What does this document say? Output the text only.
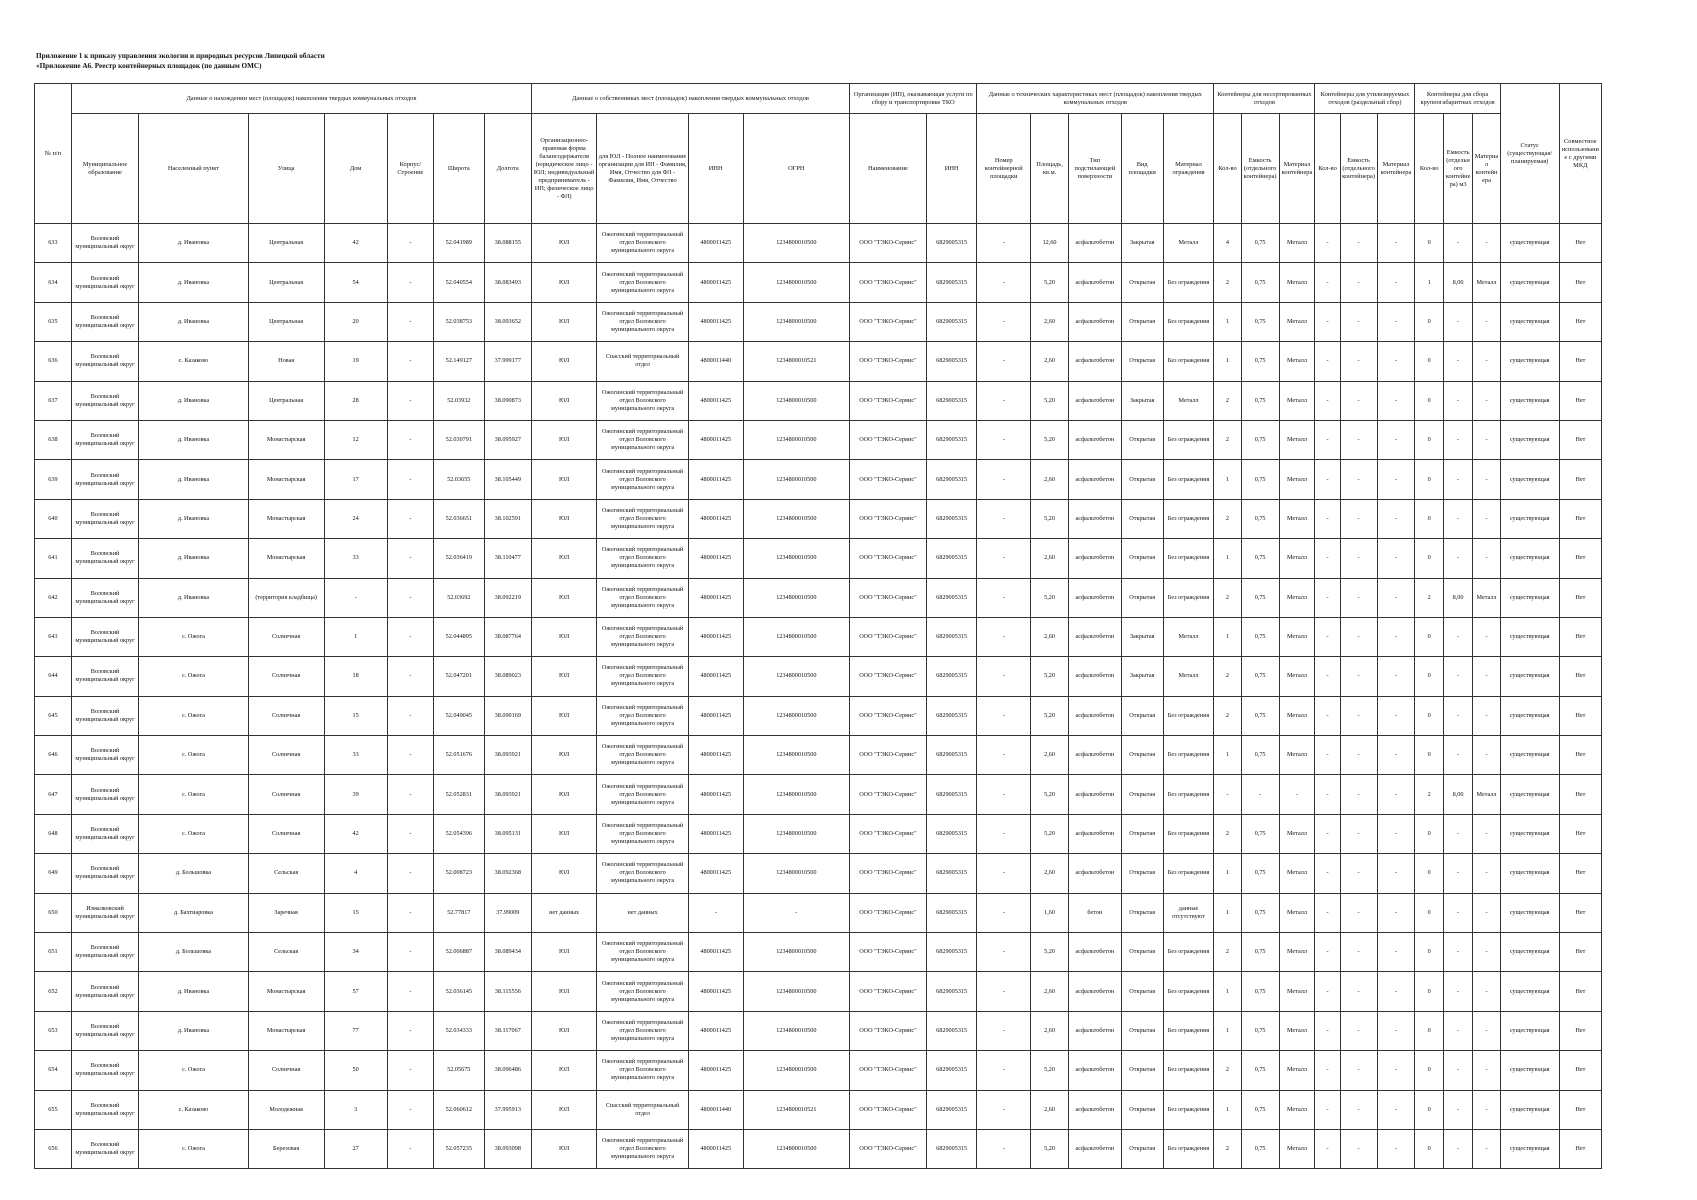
Приложение 1 к приказу управления экологии и природных ресурсов Липецкой области
«Приложение А6. Реестр контейнерных площадок (по данным ОМС)
№ п/п	Данные о нахождении мест (площадок) накопления твердых коммунальных отходов							Данные о собственниках мест (площадок) накопления твердых коммунальных отходов				Организация (ИП), оказывающая услуги по сбору и транспортировке ТКО		Данные о технических характеристиках мест (площадок) накопления твердых коммунальных отходов					Контейнеры для несортированных отходов			Контейнеры для утилизируемых отходов (раздельный сбор)			Контейнеры для сбора крупногабаритных отходов			Статус (существующая/ планируемая)	Совместное использование с другими МКД
	Муниципальное образование	Населенный пункт	Улица	Дом	Корпус/Строение	Широта	Долгота	Организационно-правовая форма балансодержателя (юридическое лицо - ЮЛ; индивидуальный предприниматель - ИП; физическое лицо - ФЛ)	для ЮЛ - Полное наименование организации для ИП - Фамилия, Имя, Отчество для ФЛ - Фамилия, Имя, Отчество	ИНН	ОГРН	Наименование	ИНН	Номер контейнерной площадки	Площадь, кв.м.	Тип подстилающей поверхности	Вид площадки	Материал ограждения	Кол-во	Емкость (отдельного контейнера)	Материал контейнера	Кол-во	Емкость (отдельного контейнера)	Материал контейнера	Кол-во	Емкость (отдельного контейнера) м3	Материал контейнера		
633	Воловский муниципальный округ	д. Ивановка	Центральная	42	-	52.041989	38.088155	ЮЛ	Ожогинский территориальный отдел Воловского муниципального округа	4800011425	1234800010500	ООО "ТЭКО-Сервис"	6829005315	-	12,60	асфальтобетон	Закрытая	Металл	4	0,75	Металл	-	-	-	0	-	-	существующая	Нет
634	Воловский муниципальный округ	д. Ивановка	Центральная	54	-	52.040554	38.083493	ЮЛ	Ожогинский территориальный отдел Воловского муниципального округа	4800011425	1234800010500	ООО "ТЭКО-Сервис"	6829005315	-	5,20	асфальтобетон	Открытая	Без ограждения	2	0,75	Металл	-	-	-	1	8,00	Металл	существующая	Нет
635	Воловский муниципальный округ	д. Ивановка	Центральная	20	-	52.038753	38.093652	ЮЛ	Ожогинский территориальный отдел Воловского муниципального округа	4800011425	1234800010500	ООО "ТЭКО-Сервис"	6829005315	-	2,60	асфальтобетон	Открытая	Без ограждения	1	0,75	Металл	-	-	-	0	-	-	существующая	Нет
636	Воловский муниципальный округ	с. Казаково	Новая	19	-	52.149127	37.999177	ЮЛ	Спасский территориальный отдел	4800011440	1234800010521	ООО "ТЭКО-Сервис"	6829005315	-	2,60	асфальтобетон	Открытая	Без ограждения	1	0,75	Металл	-	-	-	0	-	-	существующая	Нет
637	Воловский муниципальный округ	д. Ивановка	Центральная	28	-	52.03932	38.090873	ЮЛ	Ожогинский территориальный отдел Воловского муниципального округа	4800011425	1234800010500	ООО "ТЭКО-Сервис"	6829005315	-	5,20	асфальтобетон	Закрытая	Металл	2	0,75	Металл	-	-	-	0	-	-	существующая	Нет
638	Воловский муниципальный округ	д. Ивановка	Монастырская	12	-	52.030791	38.095927	ЮЛ	Ожогинский территориальный отдел Воловского муниципального округа	4800011425	1234800010500	ООО "ТЭКО-Сервис"	6829005315	-	5,20	асфальтобетон	Открытая	Без ограждения	2	0,75	Металл	-	-	-	0	-	-	существующая	Нет
639	Воловский муниципальный округ	д. Ивановка	Монастырская	17	-	52.03655	38.105449	ЮЛ	Ожогинский территориальный отдел Воловского муниципального округа	4800011425	1234800010500	ООО "ТЭКО-Сервис"	6829005315	-	2,60	асфальтобетон	Открытая	Без ограждения	1	0,75	Металл	-	-	-	0	-	-	существующая	Нет
640	Воловский муниципальный округ	д. Ивановка	Монастырская	24	-	52.036651	38.102591	ЮЛ	Ожогинский территориальный отдел Воловского муниципального округа	4800011425	1234800010500	ООО "ТЭКО-Сервис"	6829005315	-	5,20	асфальтобетон	Открытая	Без ограждения	2	0,75	Металл	-	-	-	0	-	-	существующая	Нет
641	Воловский муниципальный округ	д. Ивановка	Монастырская	33	-	52.036419	38.110477	ЮЛ	Ожогинский территориальный отдел Воловского муниципального округа	4800011425	1234800010500	ООО "ТЭКО-Сервис"	6829005315	-	2,60	асфальтобетон	Открытая	Без ограждения	1	0,75	Металл	-	-	-	0	-	-	существующая	Нет
642	Воловский муниципальный округ	д. Ивановка	(территория кладбища)	-	-	52.03692	38.092219	ЮЛ	Ожогинский территориальный отдел Воловского муниципального округа	4800011425	1234800010500	ООО "ТЭКО-Сервис"	6829005315	-	5,20	асфальтобетон	Открытая	Без ограждения	2	0,75	Металл	-	-	-	2	8,00	Металл	существующая	Нет
643	Воловский муниципальный округ	с. Ожога	Солнечная	1	-	52.044895	38.087764	ЮЛ	Ожогинский территориальный отдел Воловского муниципального округа	4800011425	1234800010500	ООО "ТЭКО-Сервис"	6829005315	-	2,60	асфальтобетон	Закрытая	Металл	1	0,75	Металл	-	-	-	0	-	-	существующая	Нет
644	Воловский муниципальный округ	с. Ожога	Солнечная	18	-	52.047201	38.089023	ЮЛ	Ожогинский территориальный отдел Воловского муниципального округа	4800011425	1234800010500	ООО "ТЭКО-Сервис"	6829005315	-	5,20	асфальтобетон	Закрытая	Металл	2	0,75	Металл	-	-	-	0	-	-	существующая	Нет
645	Воловский муниципальный округ	с. Ожога	Солнечная	15	-	52.049045	38.090169	ЮЛ	Ожогинский территориальный отдел Воловского муниципального округа	4800011425	1234800010500	ООО "ТЭКО-Сервис"	6829005315	-	5,20	асфальтобетон	Открытая	Без ограждения	2	0,75	Металл	-	-	-	0	-	-	существующая	Нет
646	Воловский муниципальный округ	с. Ожога	Солнечная	33	-	52.051676	38.093921	ЮЛ	Ожогинский территориальный отдел Воловского муниципального округа	4800011425	1234800010500	ООО "ТЭКО-Сервис"	6829005315	-	2,60	асфальтобетон	Открытая	Без ограждения	1	0,75	Металл	-	-	-	0	-	-	существующая	Нет
647	Воловский муниципальный округ	с. Ожога	Солнечная	39	-	52.052831	38.093921	ЮЛ	Ожогинский территориальный отдел Воловского муниципального округа	4800011425	1234800010500	ООО "ТЭКО-Сервис"	6829005315	-	5,20	асфальтобетон	Открытая	Без ограждения	-	-	-	-	-	-	2	8,00	Металл	существующая	Нет
648	Воловский муниципальный округ	с. Ожога	Солнечная	42	-	52.054396	38.095131	ЮЛ	Ожогинский территориальный отдел Воловского муниципального округа	4800011425	1234800010500	ООО "ТЭКО-Сервис"	6829005315	-	5,20	асфальтобетон	Открытая	Без ограждения	2	0,75	Металл	-	-	-	0	-	-	существующая	Нет
649	Воловский муниципальный округ	д. Большовка	Сельская	4	-	52.008723	38.092368	ЮЛ	Ожогинский территориальный отдел Воловского муниципального округа	4800011425	1234800010500	ООО "ТЭКО-Сервис"	6829005315	-	2,60	асфальтобетон	Открытая	Без ограждения	1	0,75	Металл	-	-	-	0	-	-	существующая	Нет
650	Измалковский муниципальный округ	д. Бахтиаровка	Заречная	15	-	52.77817	37.99009	нет данных	нет данных	-	-	ООО "ТЭКО-Сервис"	6829005315	-	1,60	бетон	Открытая	данные отсутствуют	1	0,75	Металл	-	-	-	0	-	-	существующая	Нет
651	Воловский муниципальный округ	д. Большовка	Сельская	34	-	52.006887	38.089434	ЮЛ	Ожогинский территориальный отдел Воловского муниципального округа	4800011425	1234800010500	ООО "ТЭКО-Сервис"	6829005315	-	5,20	асфальтобетон	Открытая	Без ограждения	2	0,75	Металл	-	-	-	0	-	-	существующая	Нет
652	Воловский муниципальный округ	д. Ивановка	Монастырская	57	-	52.036145	38.115556	ЮЛ	Ожогинский территориальный отдел Воловского муниципального округа	4800011425	1234800010500	ООО "ТЭКО-Сервис"	6829005315	-	2,60	асфальтобетон	Открытая	Без ограждения	1	0,75	Металл	-	-	-	0	-	-	существующая	Нет
653	Воловский муниципальный округ	д. Ивановка	Монастырская	77	-	52.034333	38.117067	ЮЛ	Ожогинский территориальный отдел Воловского муниципального округа	4800011425	1234800010500	ООО "ТЭКО-Сервис"	6829005315	-	2,60	асфальтобетон	Открытая	Без ограждения	1	0,75	Металл	-	-	-	0	-	-	существующая	Нет
654	Воловский муниципальный округ	с. Ожога	Солнечная	50	-	52.05675	38.096486	ЮЛ	Ожогинский территориальный отдел Воловского муниципального округа	4800011425	1234800010500	ООО "ТЭКО-Сервис"	6829005315	-	5,20	асфальтобетон	Открытая	Без ограждения	2	0,75	Металл	-	-	-	0	-	-	существующая	Нет
655	Воловский муниципальный округ	с. Казаково	Молодежная	3	-	52.060612	37.995913	ЮЛ	Спасский территориальный отдел	4800011440	1234800010521	ООО "ТЭКО-Сервис"	6829005315	-	2,60	асфальтобетон	Открытая	Без ограждения	1	0,75	Металл	-	-	-	0	-	-	существующая	Нет
656	Воловский муниципальный округ	с. Ожога	Березовая	27	-	52.057235	38.093098	ЮЛ	Ожогинский территориальный отдел Воловского муниципального округа	4800011425	1234800010500	ООО "ТЭКО-Сервис"	6829005315	-	5,20	асфальтобетон	Открытая	Без ограждения	2	0,75	Металл	-	-	-	0	-	-	существующая	Нет
